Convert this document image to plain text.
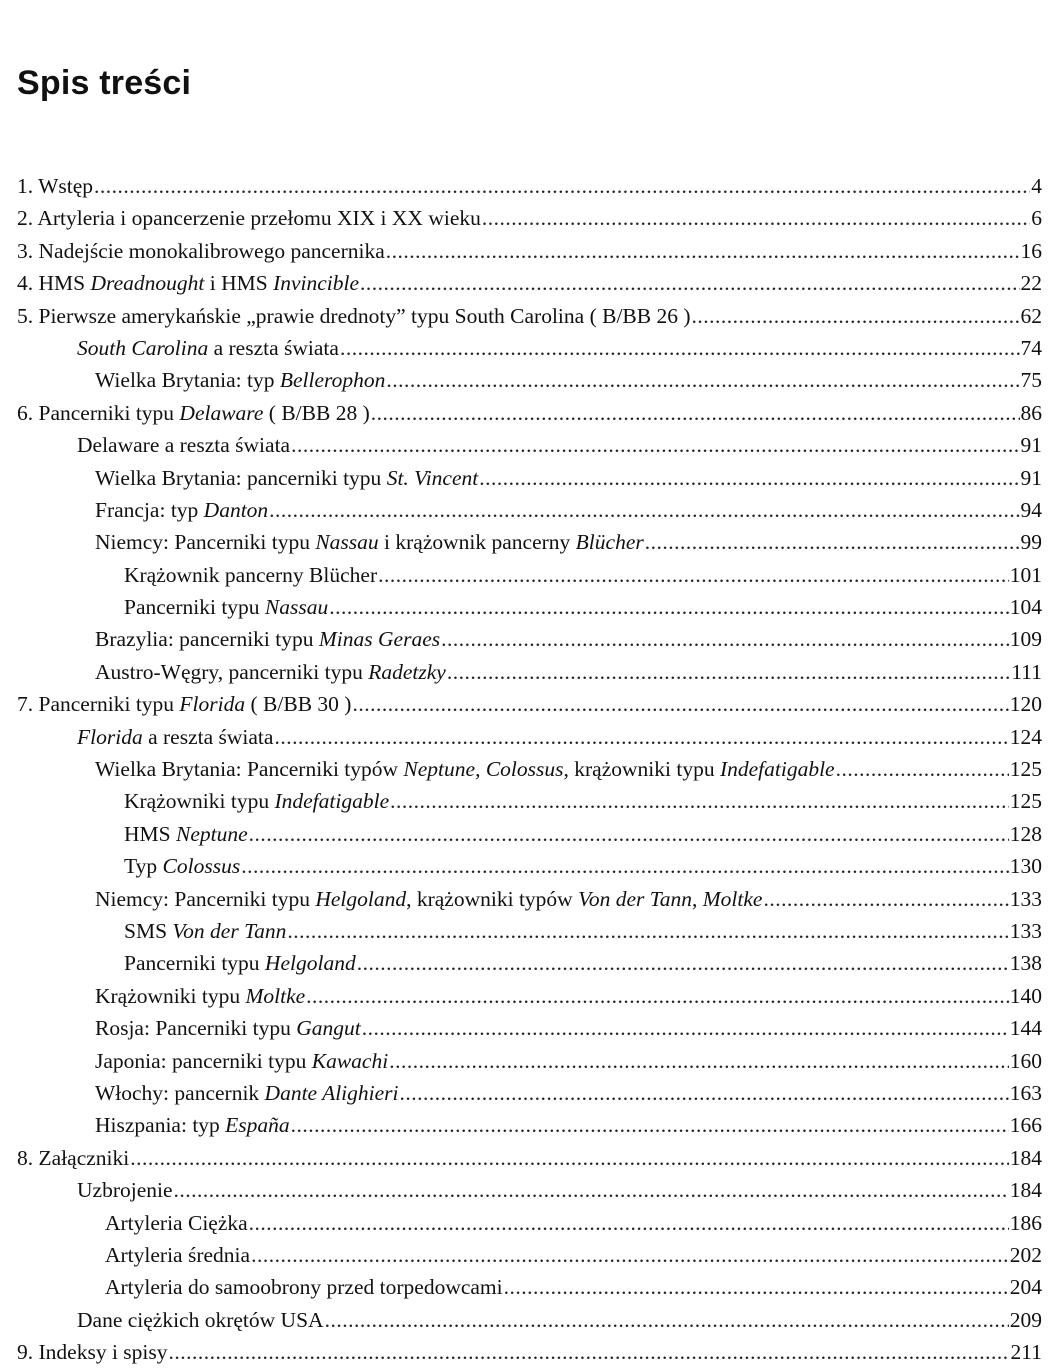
Spis treści
1. Wstęp .....	4
2. Artyleria i opancerzenie przełomu XIX i XX wieku .....	6
3. Nadejście monokalibrowego pancernika .....	16
4. HMS Dreadnought i HMS Invincible .....	22
5. Pierwsze amerykańskie „prawie drednoty” typu South Carolina ( B/BB 26 ) .....	62
South Carolina a reszta świata .....	74
Wielka Brytania: typ Bellerophon .....	75
6. Pancerniki typu Delaware ( B/BB 28 ) .....	86
Delaware a reszta świata .....	91
Wielka Brytania: pancerniki typu St. Vincent .....	91
Francja: typ Danton .....	94
Niemcy: Pancerniki typu Nassau i krążownik pancerny Blücher .....	99
Krążownik pancerny Blücher .....	101
Pancerniki typu Nassau .....	104
Brazylia: pancerniki typu Minas Geraes .....	109
Austro-Węgry, pancerniki typu Radetzky .....	111
7. Pancerniki typu Florida ( B/BB 30 ) .....	120
Florida a reszta świata .....	124
Wielka Brytania: Pancerniki typów Neptune, Colossus, krążowniki typu Indefatigable .....	125
Krążowniki typu Indefatigable .....	125
HMS Neptune .....	128
Typ Colossus .....	130
Niemcy: Pancerniki typu Helgoland, krążowniki typów Von der Tann, Moltke .....	133
SMS Von der Tann .....	133
Pancerniki typu Helgoland .....	138
Krążowniki typu Moltke .....	140
Rosja: Pancerniki typu Gangut .....	144
Japonia: pancerniki typu Kawachi .....	160
Włochy: pancernik Dante Alighieri .....	163
Hiszpania: typ España .....	166
8. Załączniki .....	184
Uzbrojenie .....	184
Artyleria Ciężka .....	186
Artyleria średnia .....	202
Artyleria do samoobrony przed torpedowcami .....	204
Dane ciężkich okrętów USA .....	209
9. Indeksy i spisy .....	211
